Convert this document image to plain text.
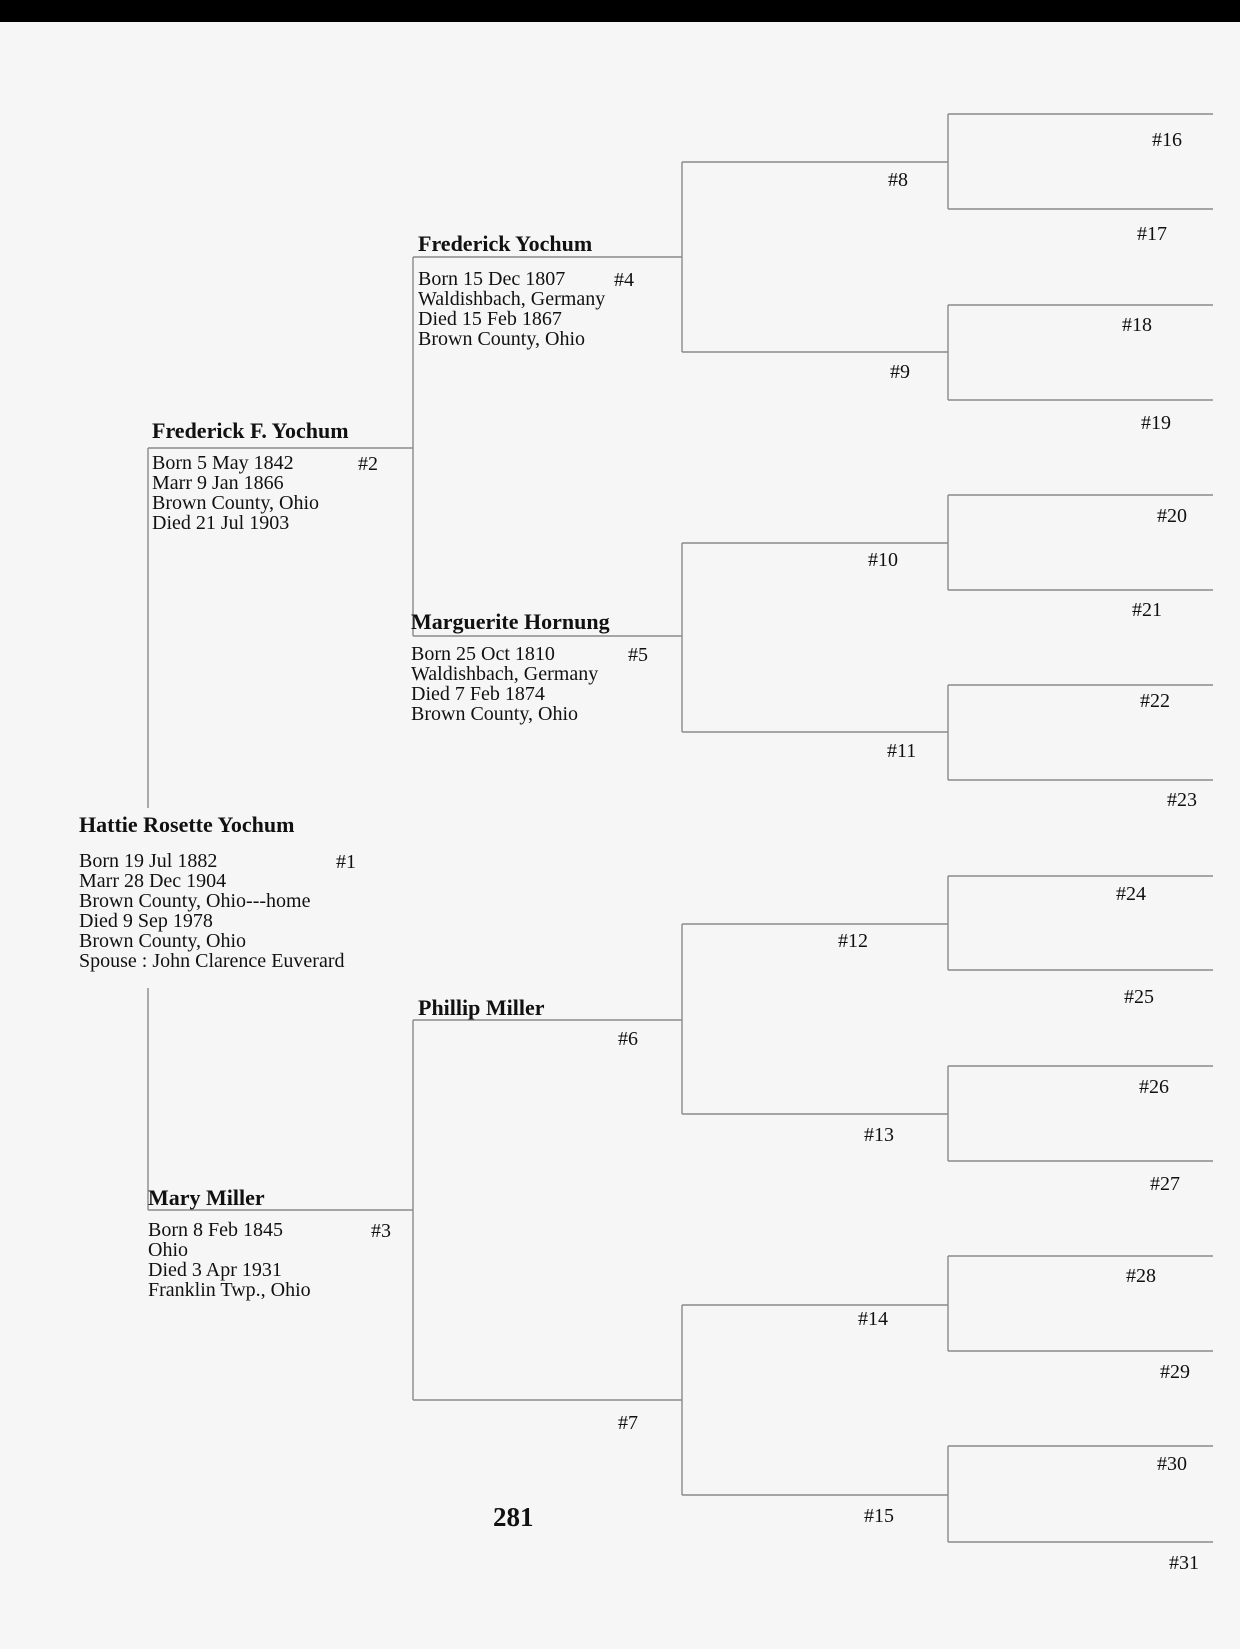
Hattie Rosette Yochum
Born 19 Jul 1882
Marr 28 Dec 1904
Brown County, Ohio---home
Died 9 Sep 1978
Brown County, Ohio
Spouse : John Clarence Euverard
#1
Frederick F. Yochum
Born 5 May 1842
Marr 9 Jan 1866
Brown County, Ohio
Died 21 Jul 1903
#2
Mary Miller
Born 8 Feb 1845
Ohio
Died 3 Apr 1931
Franklin Twp., Ohio
#3
Frederick Yochum
Born 15 Dec 1807
Waldishbach, Germany
Died 15 Feb 1867
Brown County, Ohio
#4
Marguerite Hornung
Born 25 Oct 1810
Waldishbach, Germany
Died 7 Feb 1874
Brown County, Ohio
#5
Phillip Miller
#6
#7
#8
#9
#10
#11
#12
#13
#14
#15
#16
#17
#18
#19
#20
#21
#22
#23
#24
#25
#26
#27
#28
#29
#30
#31
281
